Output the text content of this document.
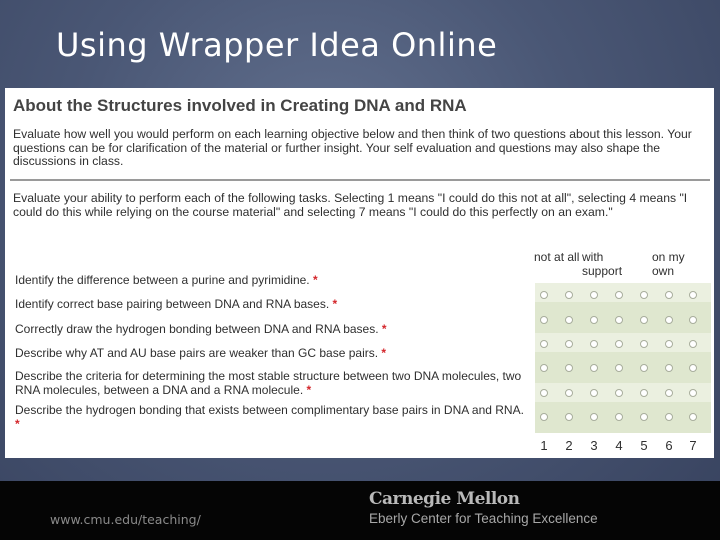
Using Wrapper Idea Online
About the Structures involved in Creating DNA and RNA

Evaluate how well you would perform on each learning objective below and then think of two questions about this lesson. Your questions can be for clarification of the material or further insight. Your self evaluation and questions may also shape the discussions in class.

Evaluate your ability to perform each of the following tasks. Selecting 1 means "I could do this not at all", selecting 4 means "I could do this while relying on the course material" and selecting 7 means "I could do this perfectly on an exam."

not at all with support

on my own

Identify the difference between a purine and pyrimidine. *

Identify correct base pairing between DNA and RNA bases. *

Correctly draw the hydrogen bonding between DNA and RNA bases. *

Describe why AT and AU base pairs are weaker than GC base pairs. *

Describe the criteria for determining the most stable structure between two DNA molecules, two RNA molecules, between a DNA and a RNA molecule. *

Describe the hydrogen bonding that exists between complimentary base pairs in DNA and RNA. *

1 2 3 4 5 6 7

www.cmu.edu/teaching/
Carnegie Mellon
Eberly Center for Teaching Excellence
